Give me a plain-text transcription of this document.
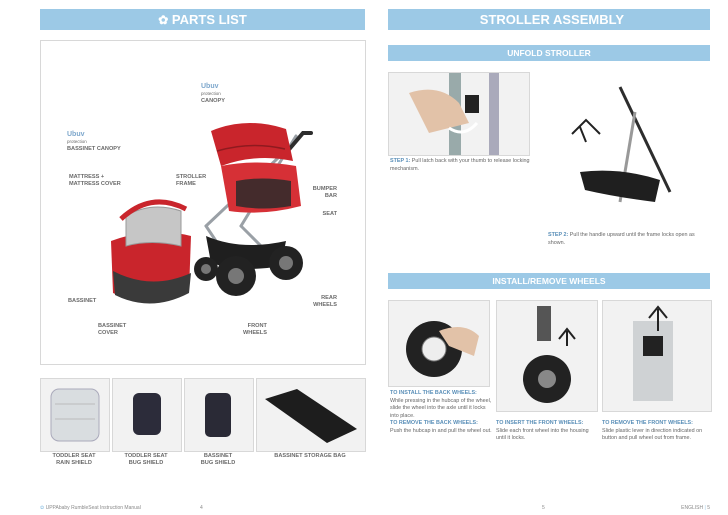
✿ PARTS LIST
Ubuv
protection
CANOPY
Ubuv
protection
BASSINET CANOPY
MATTRESS +
MATTRESS COVER
STROLLER
FRAME
BUMPER
BAR
SEAT
BASSINET	REAR
WHEELS
BASSINET
COVER
FRONT
WHEELS
TODDLER SEAT
RAIN SHIELD
TODDLER SEAT
BUG SHIELD
BASSINET
BUG SHIELD
BASSINET STORAGE BAG
✿ UPPAbaby RumbleSeat Instruction Manual	4
STROLLER ASSEMBLY
UNFOLD STROLLER
STEP 1: Pull latch back with your thumb to release locking mechanism.
STEP 2: Pull the handle upward until the frame locks open as shown.
INSTALL/REMOVE WHEELS
TO INSTALL THE BACK WHEELS:
While pressing in the hubcap of the wheel, slide the wheel into the axle until it locks into place.
TO REMOVE THE BACK WHEELS:
Push the hubcap in and pull the wheel out.
TO INSERT THE FRONT WHEELS:
Slide each front wheel into the housing until it locks.
TO REMOVE THE FRONT WHEELS:
Slide plastic lever in direction indicated on button and pull wheel out from frame.
5	ENGLISH | 5
